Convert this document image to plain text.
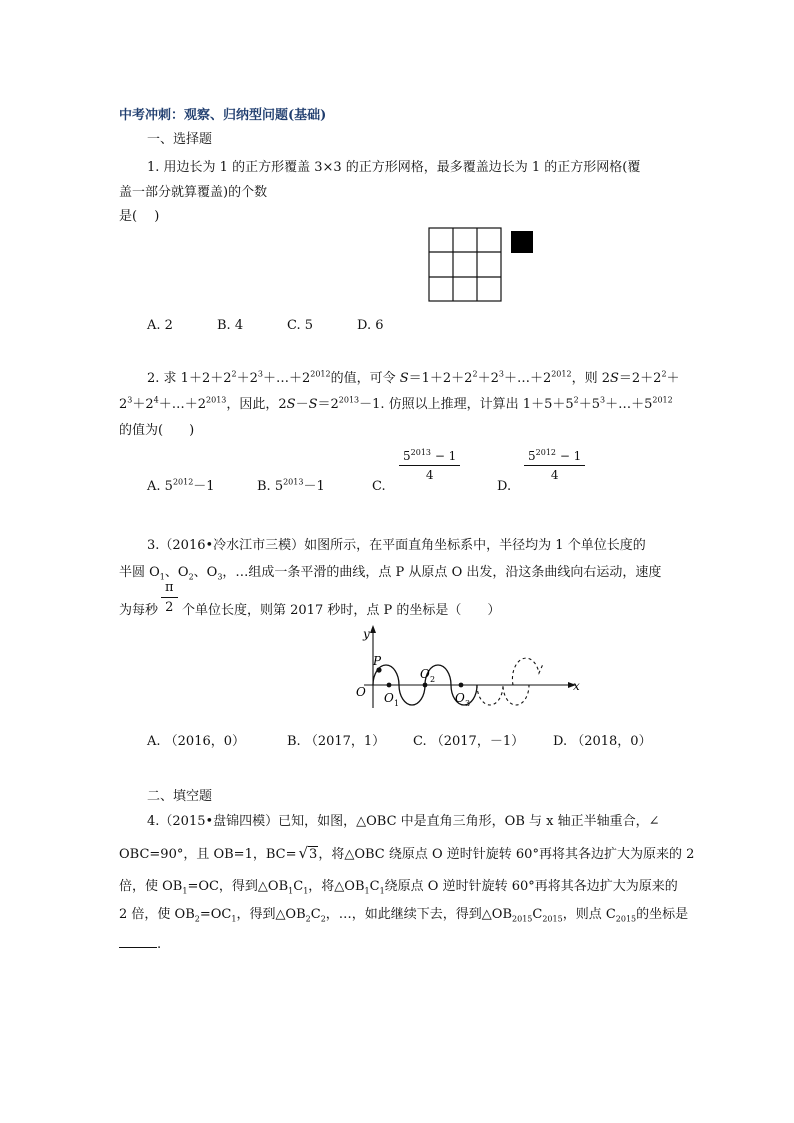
中考冲刺：观察、归纳型问题(基础)
一、选择题
1. 用边长为 1 的正方形覆盖 3×3 的正方形网格，最多覆盖边长为 1 的正方形网格(覆
盖一部分就算覆盖)的个数
是(　 )
A. 2	B. 4	C. 5	D. 6
2. 求 $1+2+2^2+2^3+\dots+2^{2012}$的值，可令 $S=1+2+2^2+2^3+\dots+2^{2012}$，则 $2S=2+2^2+$
$2^3+2^4+\dots+2^{2013}$，因此，$2S-S=2^{2013}-1$. 仿照以上推理，计算出 $1+5+5^2+5^3+\dots+5^{2012}$
的值为(　　)
A. $5^{2012}-1$	B. $5^{2013}-1$	C.
$\frac{5^{2013} - 1}{4}$
D.
$\frac{5^{2012} - 1}{4}$
3.（2016•冷水江市三模）如图所示，在平面直角坐标系中，半径均为 1 个单位长度的
半圆 $O_1$、$O_2$、$O_3$，…组成一条平滑的曲线，点 P 从原点 O 出发，沿这条曲线向右运动，速度
为每秒 $\frac{\pi}{2}$ 个单位长度，则第 2017 秒时，点 P 的坐标是（　　）
y
x
O
P
O 1
O 2
O 3
A. （2016，0）	B. （2017，1） C. （2017，－1） D. （2018，0）
二、填空题
4.（2015•盘锦四模）已知，如图，△OBC 中是直角三角形，OB 与 x 轴正半轴重合，∠
OBC=90°，且 OB=1，BC= √3，将△OBC 绕原点 O 逆时针旋转 60°再将其各边扩大为原来的 2
倍，使 $OB_1=OC$，得到$\triangle OB_1C_1$，将$\triangle OB_1C_1$绕原点 O 逆时针旋转 60°再将其各边扩大为原来的
2 倍，使 $OB_2=OC_1$，得到$\triangle OB_2C_2$，…，如此继续下去，得到$\triangle OB_{2015}C_{2015}$，则点 $C_{2015}$的坐标是
.
